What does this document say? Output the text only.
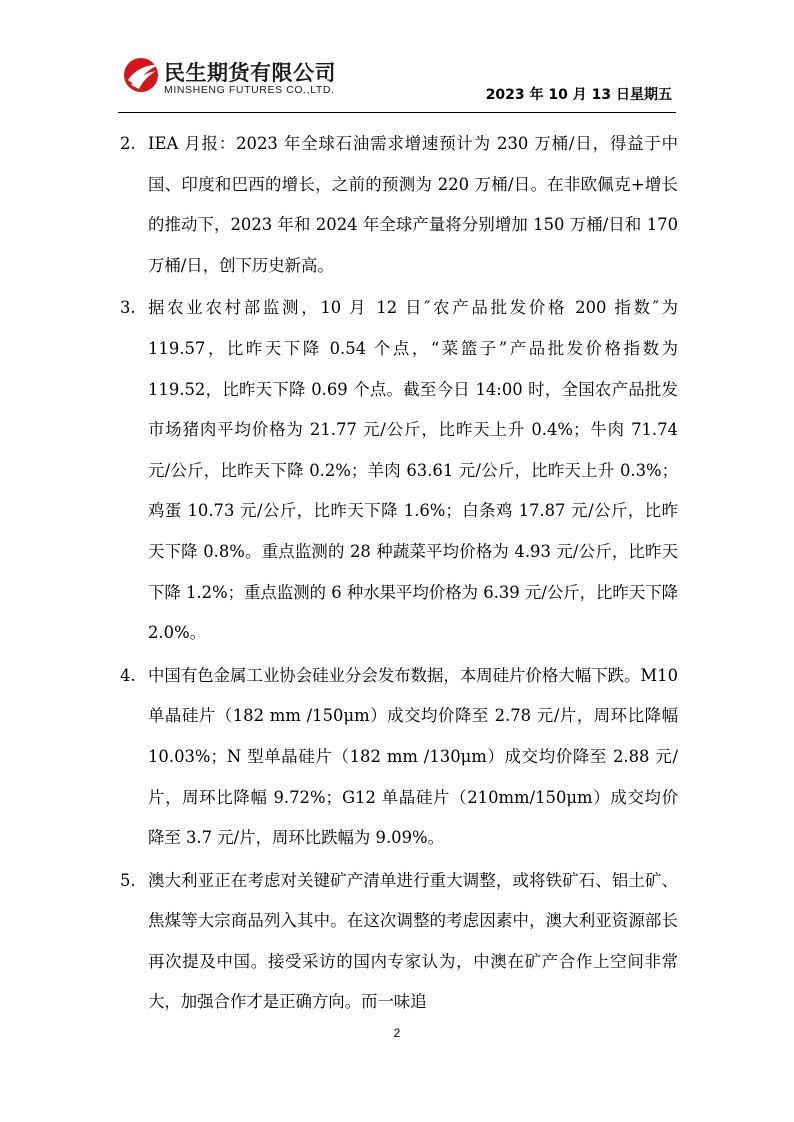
民生期货有限公司
MINSHENG FUTURES CO.,LTD.	2023 年 10 月 13 日星期五
2. IEA 月报：2023 年全球石油需求增速预计为 230 万桶/日，得益于中国、印度和巴西的增长，之前的预测为 220 万桶/日。在非欧佩克+增长的推动下，2023 年和 2024 年全球产量将分别增加 150 万桶/日和 170 万桶/日，创下历史新高。
3. 据农业农村部监测，10 月 12 日″农产品批发价格 200 指数″为 119.57，比昨天下降 0.54 个点，“菜篮子”产品批发价格指数为 119.52，比昨天下降 0.69 个点。截至今日 14:00 时，全国农产品批发市场猪肉平均价格为 21.77 元/公斤，比昨天上升 0.4%；牛肉 71.74 元/公斤，比昨天下降 0.2%；羊肉 63.61 元/公斤，比昨天上升 0.3%；鸡蛋 10.73 元/公斤，比昨天下降 1.6%；白条鸡 17.87 元/公斤，比昨天下降 0.8%。重点监测的 28 种蔬菜平均价格为 4.93 元/公斤，比昨天下降 1.2%；重点监测的 6 种水果平均价格为 6.39 元/公斤，比昨天下降 2.0%。
4. 中国有色金属工业协会硅业分会发布数据，本周硅片价格大幅下跌。M10 单晶硅片（182 mm /150μm）成交均价降至 2.78 元/片，周环比降幅 10.03%；N 型单晶硅片（182 mm /130μm）成交均价降至 2.88 元/片，周环比降幅 9.72%；G12 单晶硅片（210mm/150μm）成交均价降至 3.7 元/片，周环比跌幅为 9.09%。
5. 澳大利亚正在考虑对关键矿产清单进行重大调整，或将铁矿石、铝土矿、焦煤等大宗商品列入其中。在这次调整的考虑因素中，澳大利亚资源部长再次提及中国。接受采访的国内专家认为，中澳在矿产合作上空间非常大，加强合作才是正确方向。而一味追
2
